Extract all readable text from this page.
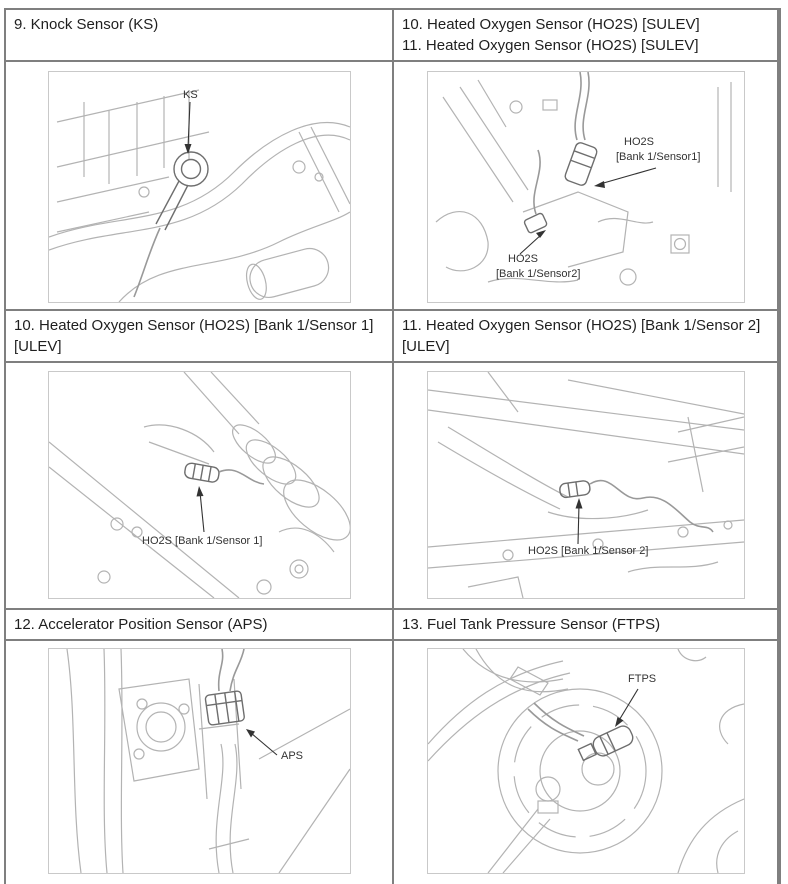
9. Knock Sensor (KS)	10. Heated Oxygen Sensor (HO2S) [SULEV]
11. Heated Oxygen Sensor (HO2S) [SULEV]
KS
HO2S
[Bank 1/Sensor1]
HO2S
[Bank 1/Sensor2]
10. Heated Oxygen Sensor (HO2S) [Bank 1/Sensor 1]
[ULEV]
11. Heated Oxygen Sensor (HO2S) [Bank 1/Sensor 2]
[ULEV]
HO2S [Bank 1/Sensor 1]
HO2S [Bank 1/Sensor 2]
12. Accelerator Position Sensor (APS)	13. Fuel Tank Pressure Sensor (FTPS)
APS
FTPS
